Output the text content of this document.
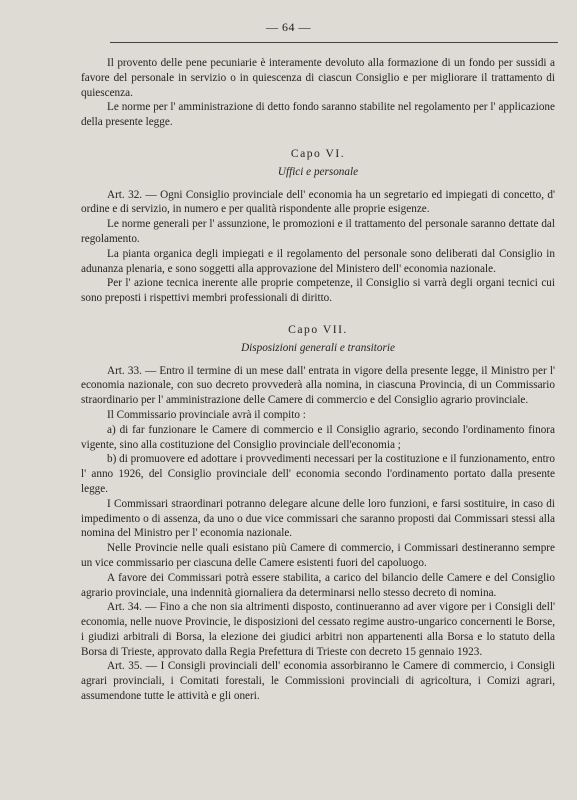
— 64 —

Il provento delle pene pecuniarie è interamente devoluto alla formazione di un fondo per sussidi a favore del personale in servizio o in quiescenza di ciascun Consiglio e per migliorare il trattamento di quiescenza.

Le norme per l' amministrazione di detto fondo saranno stabilite nel regolamento per l' applicazione della presente legge.

Capo VI.
Uffici e personale

Art. 32. — Ogni Consiglio provinciale dell' economia ha un segretario ed impiegati di concetto, d' ordine e di servizio, in numero e per qualità rispondente alle proprie esigenze.

Le norme generali per l' assunzione, le promozioni e il trattamento del personale saranno dettate dal regolamento.

La pianta organica degli impiegati e il regolamento del personale sono deliberati dal Consiglio in adunanza plenaria, e sono soggetti alla approvazione del Ministero dell' economia nazionale.

Per l' azione tecnica inerente alle proprie competenze, il Consiglio si varrà degli organi tecnici cui sono preposti i rispettivi membri professionali di diritto.

Capo VII.
Disposizioni generali e transitorie

Art. 33. — Entro il termine di un mese dall' entrata in vigore della presente legge, il Ministro per l' economia nazionale, con suo decreto provvederà alla nomina, in ciascuna Provincia, di un Commissario straordinario per l' amministrazione delle Camere di commercio e del Consiglio agrario provinciale.

Il Commissario provinciale avrà il compito :

a) di far funzionare le Camere di commercio e il Consiglio agrario, secondo l'ordinamento finora vigente, sino alla costituzione del Consiglio provinciale dell'economia ;

b) di promuovere ed adottare i provvedimenti necessari per la costituzione e il funzionamento, entro l' anno 1926, del Consiglio provinciale dell' economia secondo l'ordinamento portato dalla presente legge.

I Commissari straordinari potranno delegare alcune delle loro funzioni, e farsi sostituire, in caso di impedimento o di assenza, da uno o due vice commissari che saranno proposti dai Commissari stessi alla nomina del Ministro per l' economia nazionale.

Nelle Provincie nelle quali esistano più Camere di commercio, i Commissari destineranno sempre un vice commissario per ciascuna delle Camere esistenti fuori del capoluogo.

A favore dei Commissari potrà essere stabilita, a carico del bilancio delle Camere e del Consiglio agrario provinciale, una indennità giornaliera da determinarsi nello stesso decreto di nomina.

Art. 34. — Fino a che non sia altrimenti disposto, continueranno ad aver vigore per i Consigli dell' economia, nelle nuove Provincie, le disposizioni del cessato regime austro-ungarico concernenti le Borse, i giudizi arbitrali di Borsa, la elezione dei giudici arbitri non appartenenti alla Borsa e lo statuto della Borsa di Trieste, approvato dalla Regia Prefettura di Trieste con decreto 15 gennaio 1923.

Art. 35. — I Consigli provinciali dell' economia assorbiranno le Camere di commercio, i Consigli agrari provinciali, i Comitati forestali, le Commissioni provinciali di agricoltura, i Comizi agrari, assumendone tutte le attività e gli oneri.
